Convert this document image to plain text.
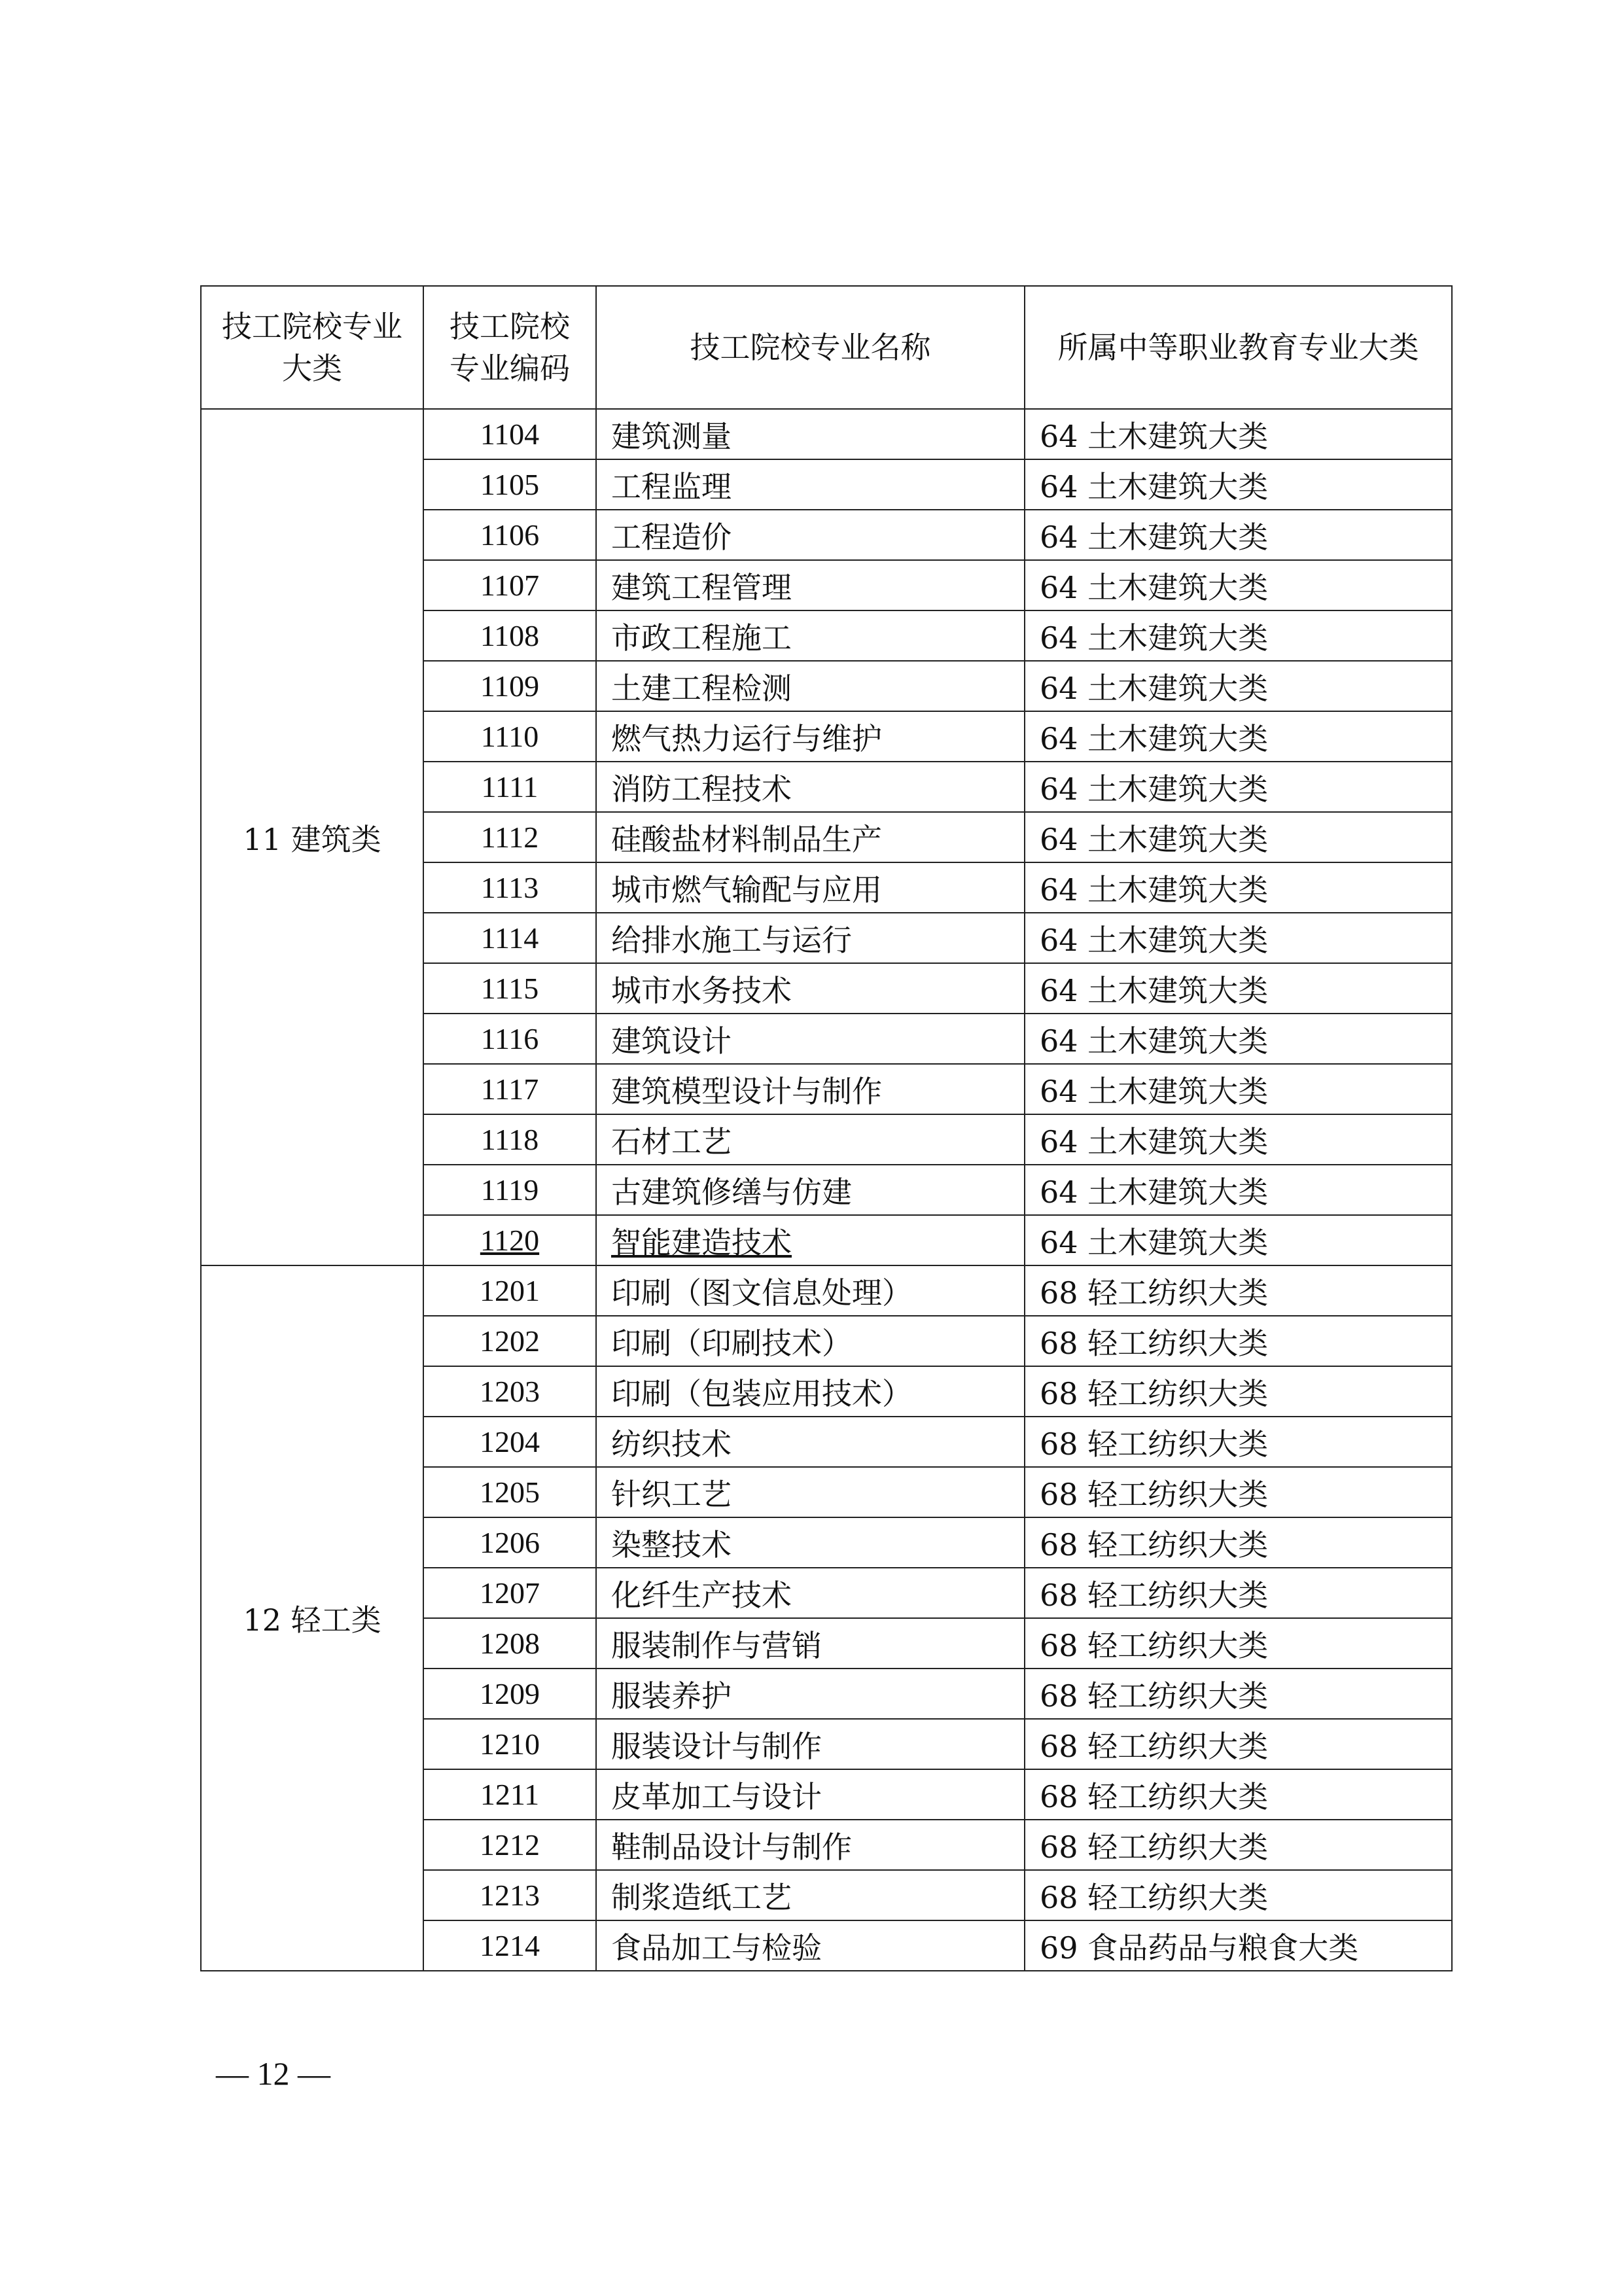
技工院校专业大类	技工院校专业编码	技工院校专业名称	所属中等职业教育专业大类
11 建筑类	1104	建筑测量	64 土木建筑大类
	1105	工程监理	64 土木建筑大类
	1106	工程造价	64 土木建筑大类
	1107	建筑工程管理	64 土木建筑大类
	1108	市政工程施工	64 土木建筑大类
	1109	土建工程检测	64 土木建筑大类
	1110	燃气热力运行与维护	64 土木建筑大类
	1111	消防工程技术	64 土木建筑大类
	1112	硅酸盐材料制品生产	64 土木建筑大类
	1113	城市燃气输配与应用	64 土木建筑大类
	1114	给排水施工与运行	64 土木建筑大类
	1115	城市水务技术	64 土木建筑大类
	1116	建筑设计	64 土木建筑大类
	1117	建筑模型设计与制作	64 土木建筑大类
	1118	石材工艺	64 土木建筑大类
	1119	古建筑修缮与仿建	64 土木建筑大类
	1120	智能建造技术	64 土木建筑大类
12 轻工类	1201	印刷（图文信息处理）	68 轻工纺织大类
	1202	印刷（印刷技术）	68 轻工纺织大类
	1203	印刷（包装应用技术）	68 轻工纺织大类
	1204	纺织技术	68 轻工纺织大类
	1205	针织工艺	68 轻工纺织大类
	1206	染整技术	68 轻工纺织大类
	1207	化纤生产技术	68 轻工纺织大类
	1208	服装制作与营销	68 轻工纺织大类
	1209	服装养护	68 轻工纺织大类
	1210	服装设计与制作	68 轻工纺织大类
	1211	皮革加工与设计	68 轻工纺织大类
	1212	鞋制品设计与制作	68 轻工纺织大类
	1213	制浆造纸工艺	68 轻工纺织大类
	1214	食品加工与检验	69 食品药品与粮食大类
— 12 —
